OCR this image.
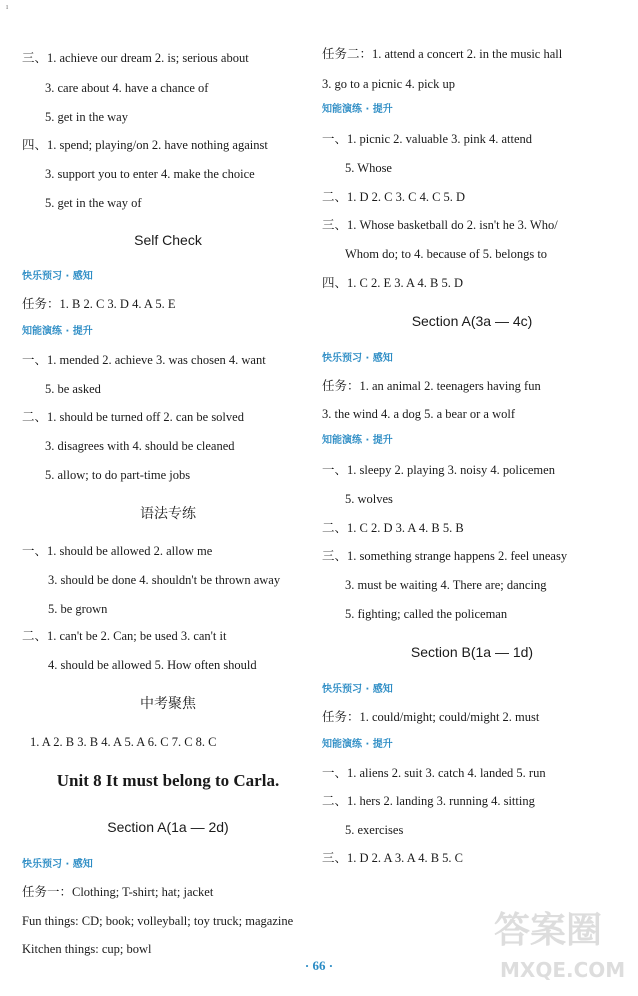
ı
三、1. achieve our dream 2. is; serious about
3. care about 4. have a chance of
5. get in the way
四、1. spend; playing/on 2. have nothing against
3. support you to enter 4. make the choice
5. get in the way of
Self Check
快乐预习 · 感知
任务：1. B 2. C 3. D 4. A 5. E
知能演练 · 提升
一、1. mended 2. achieve 3. was chosen 4. want
5. be asked
二、1. should be turned off 2. can be solved
3. disagrees with 4. should be cleaned
5. allow; to do part-time jobs
语法专练
一、1. should be allowed 2. allow me
3. should be done 4. shouldn't be thrown away
5. be grown
二、1. can't be 2. Can; be used 3. can't it
4. should be allowed 5. How often should
中考聚焦
1. A 2. B 3. B 4. A 5. A 6. C 7. C 8. C
Unit 8 It must belong to Carla.
Section A(1a — 2d)
快乐预习 · 感知
任务一：Clothing; T-shirt; hat; jacket
Fun things: CD; book; volleyball; toy truck; magazine
Kitchen things: cup; bowl
任务二：1. attend a concert 2. in the music hall
3. go to a picnic 4. pick up
知能演练 · 提升
一、1. picnic 2. valuable 3. pink 4. attend
5. Whose
二、1. D 2. C 3. C 4. C 5. D
三、1. Whose basketball do 2. isn't he 3. Who/
Whom do; to 4. because of 5. belongs to
四、1. C 2. E 3. A 4. B 5. D
Section A(3a — 4c)
快乐预习 · 感知
任务：1. an animal 2. teenagers having fun
3. the wind 4. a dog 5. a bear or a wolf
知能演练 · 提升
一、1. sleepy 2. playing 3. noisy 4. policemen
5. wolves
二、1. C 2. D 3. A 4. B 5. B
三、1. something strange happens 2. feel uneasy
3. must be waiting 4. There are; dancing
5. fighting; called the policeman
Section B(1a — 1d)
快乐预习 · 感知
任务：1. could/might; could/might 2. must
知能演练 · 提升
一、1. aliens 2. suit 3. catch 4. landed 5. run
二、1. hers 2. landing 3. running 4. sitting
5. exercises
三、1. D 2. A 3. A 4. B 5. C
· 66 ·
答案圈
MXQE.COM
